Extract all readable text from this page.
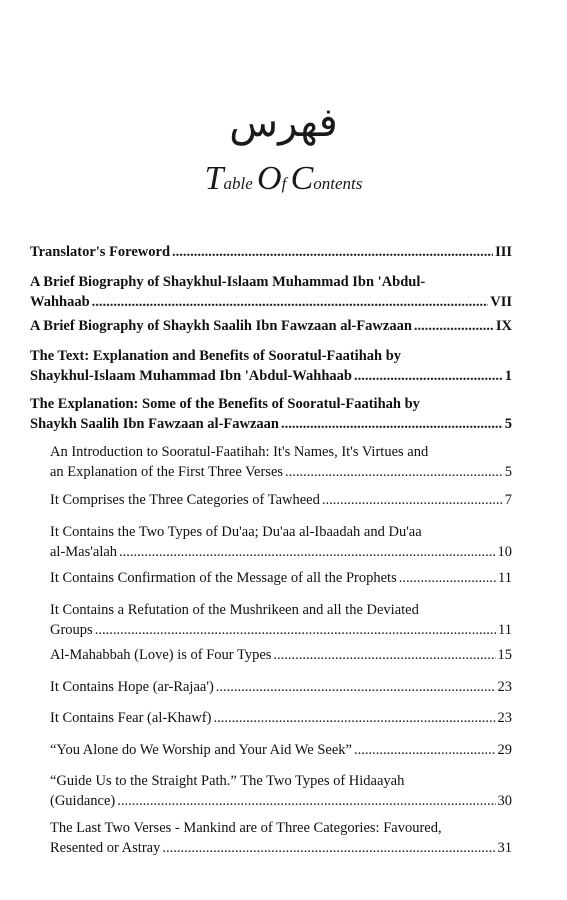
فهرس
Table Of Contents
Translator's Foreword .....	III
A Brief Biography of Shaykhul-Islaam Muhammad Ibn 'Abdul-
Wahhaab .....	VII
A Brief Biography of Shaykh Saalih Ibn Fawzaan al-Fawzaan .....	IX
The Text: Explanation and Benefits of Sooratul-Faatihah by
Shaykhul-Islaam Muhammad Ibn 'Abdul-Wahhaab .....	1
The Explanation: Some of the Benefits of Sooratul-Faatihah by
Shaykh Saalih Ibn Fawzaan al-Fawzaan .....	5
An Introduction to Sooratul-Faatihah: It's Names, It's Virtues and
an Explanation of the First Three Verses .....	5
It Comprises the Three Categories of Tawheed .....	7
It Contains the Two Types of Du'aa; Du'aa al-Ibaadah and Du'aa
al-Mas'alah .....	10
It Contains Confirmation of the Message of all the Prophets .....	11
It Contains a Refutation of the Mushrikeen and all the Deviated
Groups .....	11
Al-Mahabbah (Love) is of Four Types .....	15
It Contains Hope (ar-Rajaa') .....	23
It Contains Fear (al-Khawf) .....	23
“You Alone do We Worship and Your Aid We Seek” .....	29
“Guide Us to the Straight Path.” The Two Types of Hidaayah
(Guidance) .....	30
The Last Two Verses - Mankind are of Three Categories: Favoured,
Resented or Astray .....	31
